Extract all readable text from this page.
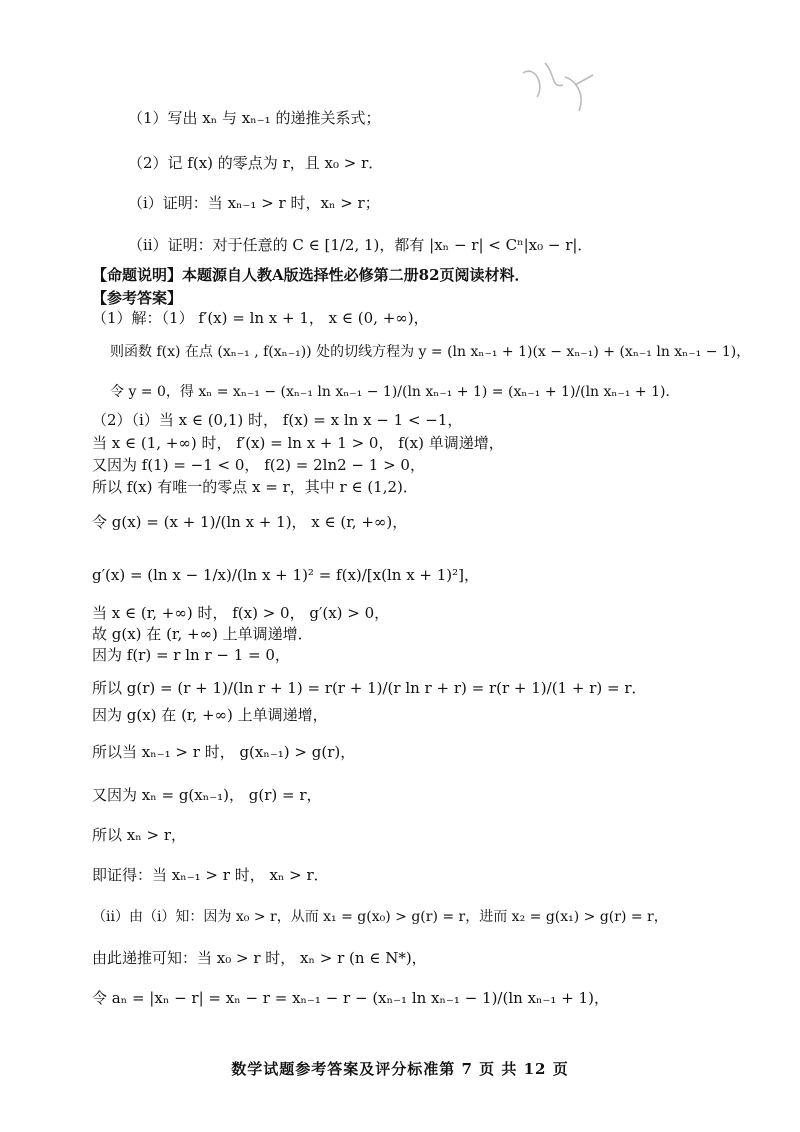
（1）写出 xₙ 与 xₙ₋₁ 的递推关系式；
（2）记 f(x) 的零点为 r，且 x₀ > r．
（i）证明：当 xₙ₋₁ > r 时，xₙ > r；
（ii）证明：对于任意的 C ∈ [1/2, 1)，都有 |xₙ − r| < Cⁿ|x₀ − r|．
【命题说明】本题源自人教A版选择性必修第二册82页阅读材料．
【参考答案】
（1）解：（1） f′(x) = ln x + 1， x ∈ (0, +∞)，
则函数 f(x) 在点 (xₙ₋₁ , f(xₙ₋₁)) 处的切线方程为 y = (ln xₙ₋₁ + 1)(x − xₙ₋₁) + (xₙ₋₁ ln xₙ₋₁ − 1)，
令 y = 0，得 xₙ = xₙ₋₁ − (xₙ₋₁ ln xₙ₋₁ − 1)/(ln xₙ₋₁ + 1) = (xₙ₋₁ + 1)/(ln xₙ₋₁ + 1)．
（2）（i）当 x ∈ (0,1) 时， f(x) = x ln x − 1 < −1，
当 x ∈ (1, +∞) 时， f′(x) = ln x + 1 > 0， f(x) 单调递增，
又因为 f(1) = −1 < 0， f(2) = 2ln2 − 1 > 0，
所以 f(x) 有唯一的零点 x = r，其中 r ∈ (1,2)．
令 g(x) = (x + 1)/(ln x + 1)， x ∈ (r, +∞)，
g′(x) = (ln x − 1/x)/(ln x + 1)² = f(x)/[x(ln x + 1)²]，
当 x ∈ (r, +∞) 时， f(x) > 0， g′(x) > 0，
故 g(x) 在 (r, +∞) 上单调递增．
因为 f(r) = r ln r − 1 = 0，
所以 g(r) = (r + 1)/(ln r + 1) = r(r + 1)/(r ln r + r) = r(r + 1)/(1 + r) = r．
因为 g(x) 在 (r, +∞) 上单调递增，
所以当 xₙ₋₁ > r 时， g(xₙ₋₁) > g(r)，
又因为 xₙ = g(xₙ₋₁)， g(r) = r，
所以 xₙ > r，
即证得：当 xₙ₋₁ > r 时， xₙ > r．
（ii）由（i）知：因为 x₀ > r，从而 x₁ = g(x₀) > g(r) = r，进而 x₂ = g(x₁) > g(r) = r，
由此递推可知：当 x₀ > r 时， xₙ > r (n ∈ N*)，
令 aₙ = |xₙ − r| = xₙ − r = xₙ₋₁ − r − (xₙ₋₁ ln xₙ₋₁ − 1)/(ln xₙ₋₁ + 1)，
数学试题参考答案及评分标准第 7 页 共 12 页
